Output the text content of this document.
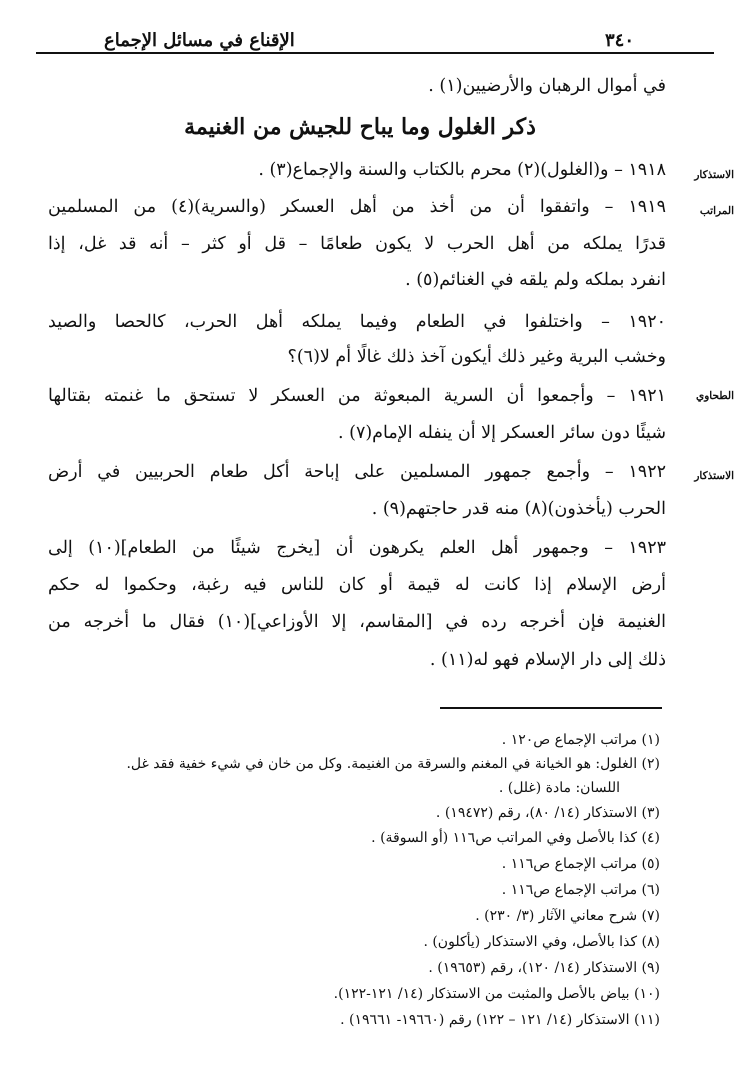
الإقناع في مسائل الإجماع	٣٤٠
في أموال الرهبان والأرضيين(١) .
ذكر الغلول وما يباح للجيش من الغنيمة
الاستذكار
المراتب
الطحاوي
الاستذكار
١٩١٨ – و(الغلول)(٢) محرم بالكتاب والسنة والإجماع(٣) .
١٩١٩ – واتفقوا أن من أخذ من أهل العسكر (والسرية)(٤) من المسلمين
قدرًا يملكه من أهل الحرب لا يكون طعامًا – قل أو كثر – أنه قد غل، إذا
انفرد بملكه ولم يلقه في الغنائم(٥) .
١٩٢٠ – واختلفوا في الطعام وفيما يملكه أهل الحرب، كالحصا والصيد
وخشب البرية وغير ذلك أيكون آخذ ذلك غالًا أم لا(٦)؟
١٩٢١ – وأجمعوا أن السرية المبعوثة من العسكر لا تستحق ما غنمته بقتالها
شيئًا دون سائر العسكر إلا أن ينفله الإمام(٧) .
١٩٢٢ – وأجمع جمهور المسلمين على إباحة أكل طعام الحربيين في أرض
الحرب (يأخذون)(٨) منه قدر حاجتهم(٩) .
١٩٢٣ – وجمهور أهل العلم يكرهون أن [يخرج شيئًا من الطعام](١٠) إلى
أرض الإسلام إذا كانت له قيمة أو كان للناس فيه رغبة، وحكموا له حكم
الغنيمة فإن أخرجه رده في [المقاسم، إلا الأوزاعي](١٠) فقال ما أخرجه من
ذلك إلى دار الإسلام فهو له(١١) .
(١) مراتب الإجماع ص١٢٠ .
(٢) الغلول: هو الخيانة في المغنم والسرقة من الغنيمة. وكل من خان في شيء خفية فقد غل.
اللسان: مادة (غلل) .
(٣) الاستذكار (١٤/ ٨٠)، رقم (١٩٤٧٢) .
(٤) كذا بالأصل وفي المراتب ص١١٦ (أو السوقة) .
(٥) مراتب الإجماع ص١١٦ .
(٦) مراتب الإجماع ص١١٦ .
(٧) شرح معاني الآثار (٣/ ٢٣٠) .
(٨) كذا بالأصل، وفي الاستذكار (يأكلون) .
(٩) الاستذكار (١٤/ ١٢٠)، رقم (١٩٦٥٣) .
(١٠) بياض بالأصل والمثبت من الاستذكار (١٤/ ١٢١-١٢٢).
(١١) الاستذكار (١٤/ ١٢١ – ١٢٢) رقم (١٩٦٦٠- ١٩٦٦١) .
